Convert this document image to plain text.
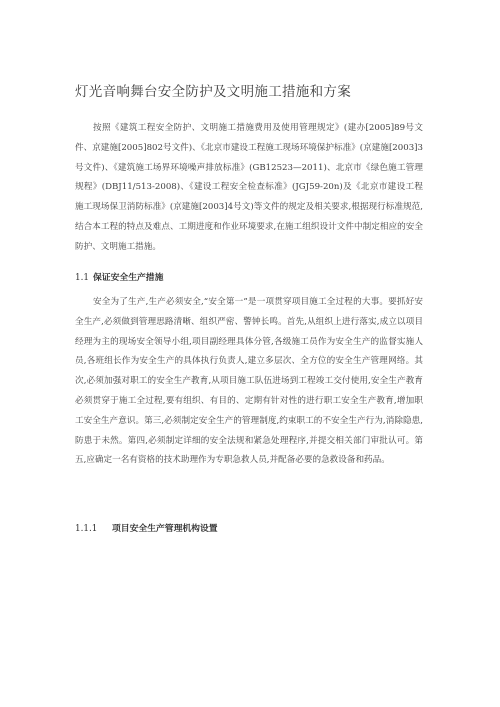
灯光音响舞台安全防护及文明施工措施和方案

按照《建筑工程安全防护、文明施工措施费用及使用管理规定》(建办[2005]89号文件、京建施[2005]802号文件)、《北京市建设工程施工现场环境保护标准》(京建施[2003]3号文件)、《建筑施工场界环境噪声排放标准》(GB12523—2011)、北京市《绿色施工管理规程》(DBJ11/513-2008)、《建设工程安全检查标准》(JGJ59-20n)及《北京市建设工程施工现场保卫消防标准》(京建施[2003]4号文)等文件的规定及相关要求,根据现行标准规范,结合本工程的特点及难点、工期进度和作业环境要求,在施工组织设计文件中制定相应的安全防护、文明施工措施。

1.1 保证安全生产措施

安全为了生产,生产必须安全,“安全第一”是一项贯穿项目施工全过程的大事。要抓好安全生产,必须做到管理思路清晰、组织严密、警钟长鸣。首先,从组织上进行落实,成立以项目经理为主的现场安全领导小组,项目副经理具体分管,各级施工员作为安全生产的监督实施人员,各班组长作为安全生产的具体执行负责人,建立多层次、全方位的安全生产管理网络。其次,必须加强对职工的安全生产教育,从项目施工队伍进场到工程竣工交付使用,安全生产教育必须贯穿于施工全过程,要有组织、有目的、定期有针对性的进行职工安全生产教育,增加职工安全生产意识。第三,必须制定安全生产的管理制度,约束职工的不安全生产行为,消除隐患,防患于未然。第四,必须制定详细的安全法规和紧急处理程序,并提交相关部门审批认可。第五,应确定一名有资格的技术助理作为专职急救人员,并配备必要的急救设备和药品。

1.1.1 项目安全生产管理机构设置
